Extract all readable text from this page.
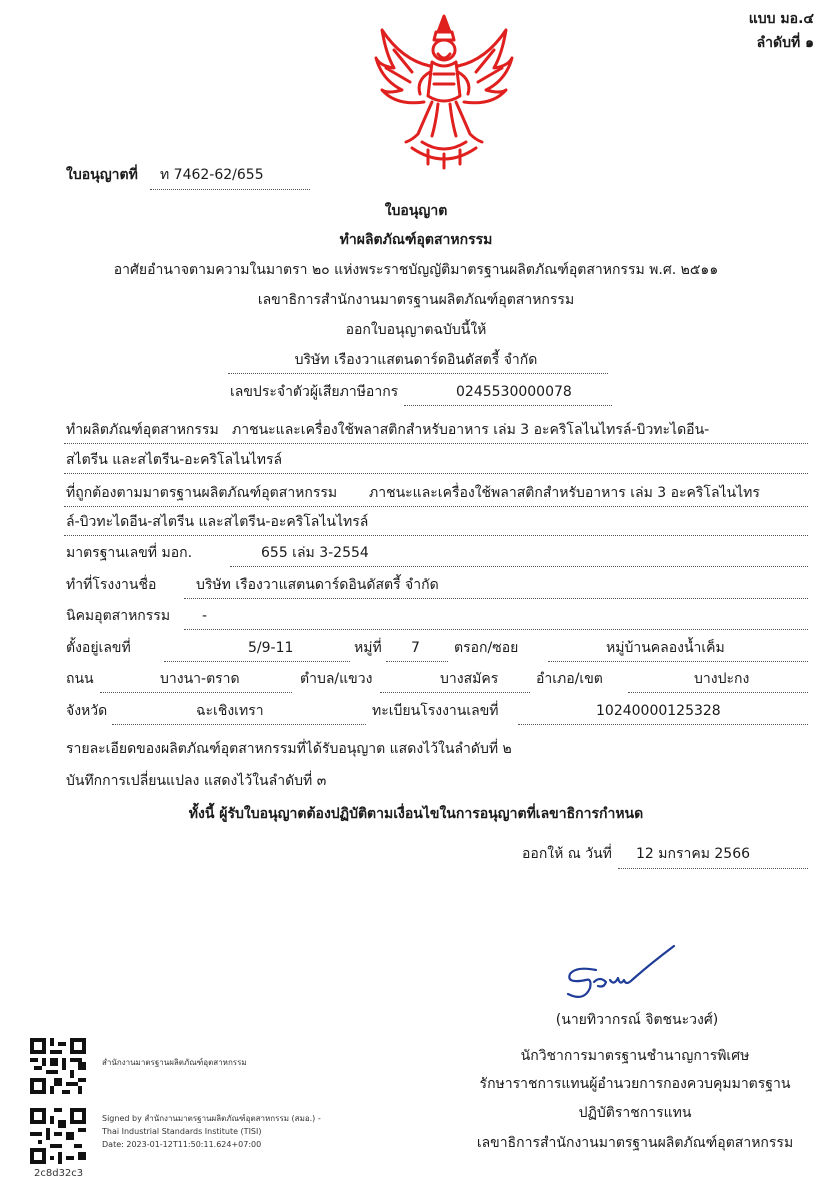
แบบ มอ.๔
ลำดับที่ ๑
ใบอนุญาตที่ ท 7462-62/655
ใบอนุญาต
ทำผลิตภัณฑ์อุตสาหกรรม
อาศัยอำนาจตามความในมาตรา ๒๐ แห่งพระราชบัญญัติมาตรฐานผลิตภัณฑ์อุตสาหกรรม พ.ศ. ๒๕๑๑
เลขาธิการสำนักงานมาตรฐานผลิตภัณฑ์อุตสาหกรรม
ออกใบอนุญาตฉบับนี้ให้
บริษัท เรืองวาแสตนดาร์ดอินดัสตรี้ จำกัด
เลขประจำตัวผู้เสียภาษีอากร	0245530000078
ทำผลิตภัณฑ์อุตสาหกรรม ภาชนะและเครื่องใช้พลาสติกสำหรับอาหาร เล่ม 3 อะคริโลไนไทรล์-บิวทะไดอีน-
สไตรีน และสไตรีน-อะคริโลไนไทรล์
ที่ถูกต้องตามมาตรฐานผลิตภัณฑ์อุตสาหกรรม ภาชนะและเครื่องใช้พลาสติกสำหรับอาหาร เล่ม 3 อะคริโลไนไทร
ล์-บิวทะไดอีน-สไตรีน และสไตรีน-อะคริโลไนไทรล์
มาตรฐานเลขที่ มอก.	655 เล่ม 3-2554
ทำที่โรงงานชื่อ	บริษัท เรืองวาแสตนดาร์ดอินดัสตรี้ จำกัด
นิคมอุตสาหกรรม -
ตั้งอยู่เลขที่	5/9-11	หมู่ที่ 7 ตรอก/ซอย	หมู่บ้านคลองน้ำเค็ม
ถนน	บางนา-ตราด	ตำบล/แขวง	บางสมัคร	อำเภอ/เขต	บางปะกง
จังหวัด	ฉะเชิงเทรา	ทะเบียนโรงงานเลขที่	10240000125328
รายละเอียดของผลิตภัณฑ์อุตสาหกรรมที่ได้รับอนุญาต แสดงไว้ในลำดับที่ ๒
บันทึกการเปลี่ยนแปลง แสดงไว้ในลำดับที่ ๓
ทั้งนี้ ผู้รับใบอนุญาตต้องปฏิบัติตามเงื่อนไขในการอนุญาตที่เลขาธิการกำหนด
ออกให้ ณ วันที่ 12 มกราคม 2566
(นายทิวากรณ์ จิตชนะวงศ์)
นักวิชาการมาตรฐานชำนาญการพิเศษ
รักษาราชการแทนผู้อำนวยการกองควบคุมมาตรฐาน
ปฏิบัติราชการแทน
เลขาธิการสำนักงานมาตรฐานผลิตภัณฑ์อุตสาหกรรม
สำนักงานมาตรฐานผลิตภัณฑ์อุตสาหกรรม
Signed by สำนักงานมาตรฐานผลิตภัณฑ์อุตสาหกรรม (สมอ.) -
Thai Industrial Standards Institute (TISI)
Date: 2023-01-12T11:50:11.624+07:00
2c8d32c3
